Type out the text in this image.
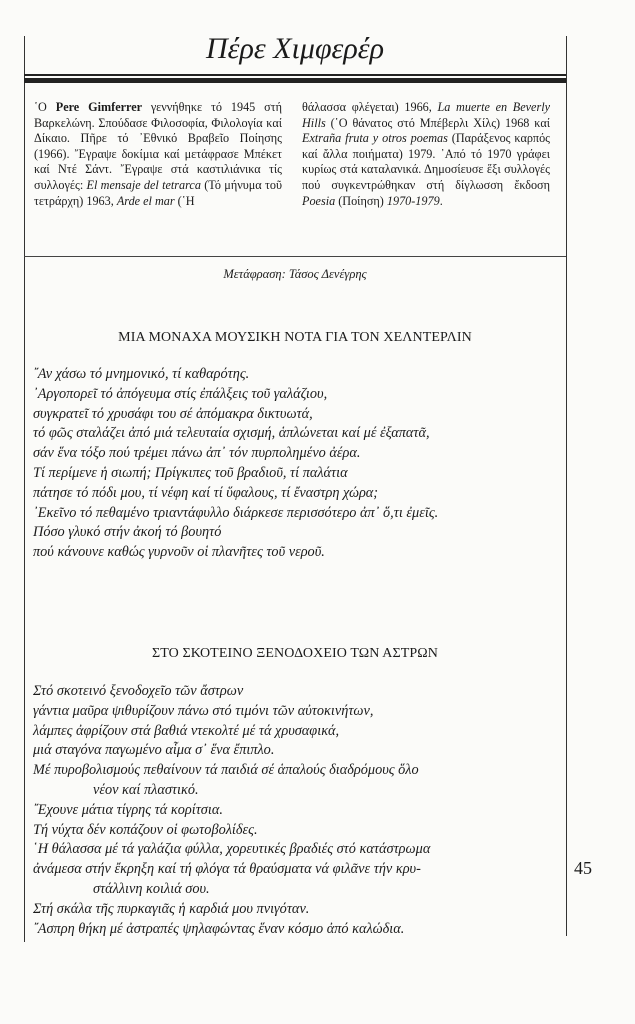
Πέρε Χιμφερέρ

῾Ο Pere Gimferrer γεννήθηκε τό 1945 στή Βαρκελώνη. Σπούδασε Φιλοσοφία, Φιλολογία καί Δίκαιο. Πῆρε τό ᾿Εθνικό Βραβεῖο Ποίησης (1966). ῎Εγραψε δοκίμια καί μετάφρασε Μπέκετ καί Ντέ Σάντ. ῎Εγραψε στά καστιλιάνικα τίς συλλογές: El mensaje del tetrarca (Τό μήνυμα τοῦ τετράρχη) 1963, Arde el mar (῾Η

θάλασσα φλέγεται) 1966, La muerte en Beverly Hills (῾Ο θάνατος στό Μπέβερλι Χίλς) 1968 καί Extraña fruta y otros poemas (Παράξενος καρπός καί ἄλλα ποιήματα) 1979. ᾿Από τό 1970 γράφει κυρίως στά καταλανικά. Δημοσίευσε ἕξι συλλογές πού συγκεντρώθηκαν στή δίγλωσση ἔκδοση Poesia (Ποίηση) 1970-1979.

Μετάφραση: Τάσος Δενέγρης

ΜΙΑ ΜΟΝΑΧΑ ΜΟΥΣΙΚΗ ΝΟΤΑ ΓΙΑ ΤΟΝ ΧΕΛΝΤΕΡΛΙΝ
῎Αν χάσω τό μνημονικό, τί καθαρότης.
᾿Αργοπορεῖ τό ἀπόγευμα στίς ἐπάλξεις τοῦ γαλάζιου,
συγκρατεῖ τό χρυσάφι του σέ ἀπόμακρα δικτυωτά,
τό φῶς σταλάζει ἀπό μιά τελευταία σχισμή, ἁπλώνεται καί μέ ἐξαπατᾶ,
σάν ἕνα τόξο πού τρέμει πάνω ἀπ᾿ τόν πυρπολημένο ἀέρα.
Τί περίμενε ἡ σιωπή; Πρίγκιπες τοῦ βραδιοῦ, τί παλάτια
πάτησε τό πόδι μου, τί νέφη καί τί ὕφαλους, τί ἔναστρη χώρα;
᾿Εκεῖνο τό πεθαμένο τριαντάφυλλο διάρκεσε περισσότερο ἀπ᾿ ὅ,τι ἐμεῖς.
Πόσο γλυκό στήν ἀκοή τό βουητό
πού κάνουνε καθώς γυρνοῦν οἱ πλανῆτες τοῦ νεροῦ.
ΣΤΟ ΣΚΟΤΕΙΝΟ ΞΕΝΟΔΟΧΕΙΟ ΤΩΝ ΑΣΤΡΩΝ
Στό σκοτεινό ξενοδοχεῖο τῶν ἄστρων
γάντια μαῦρα ψιθυρίζουν πάνω στό τιμόνι τῶν αὐτοκινήτων,
λάμπες ἀφρίζουν στά βαθιά ντεκολτέ μέ τά χρυσαφικά,
μιά σταγόνα παγωμένο αἷμα σ᾿ ἕνα ἔπιπλο.
Μέ πυροβολισμούς πεθαίνουν τά παιδιά σέ ἁπαλούς διαδρόμους ὅλο
νέον καί πλαστικό.
῎Εχουνε μάτια τίγρης τά κορίτσια.
Τή νύχτα δέν κοπάζουν οἱ φωτοβολίδες.
῾Η θάλασσα μέ τά γαλάζια φύλλα, χορευτικές βραδιές στό κατάστρωμα
ἀνάμεσα στήν ἔκρηξη καί τή φλόγα τά θραύσματα νά φιλᾶνε τήν κρυ-
στάλλινη κοιλιά σου.
Στή σκάλα τῆς πυρκαγιᾶς ἡ καρδιά μου πνιγόταν.
῎Ασπρη θήκη μέ ἀστραπές ψηλαφώντας ἕναν κόσμο ἀπό καλώδια.

45
